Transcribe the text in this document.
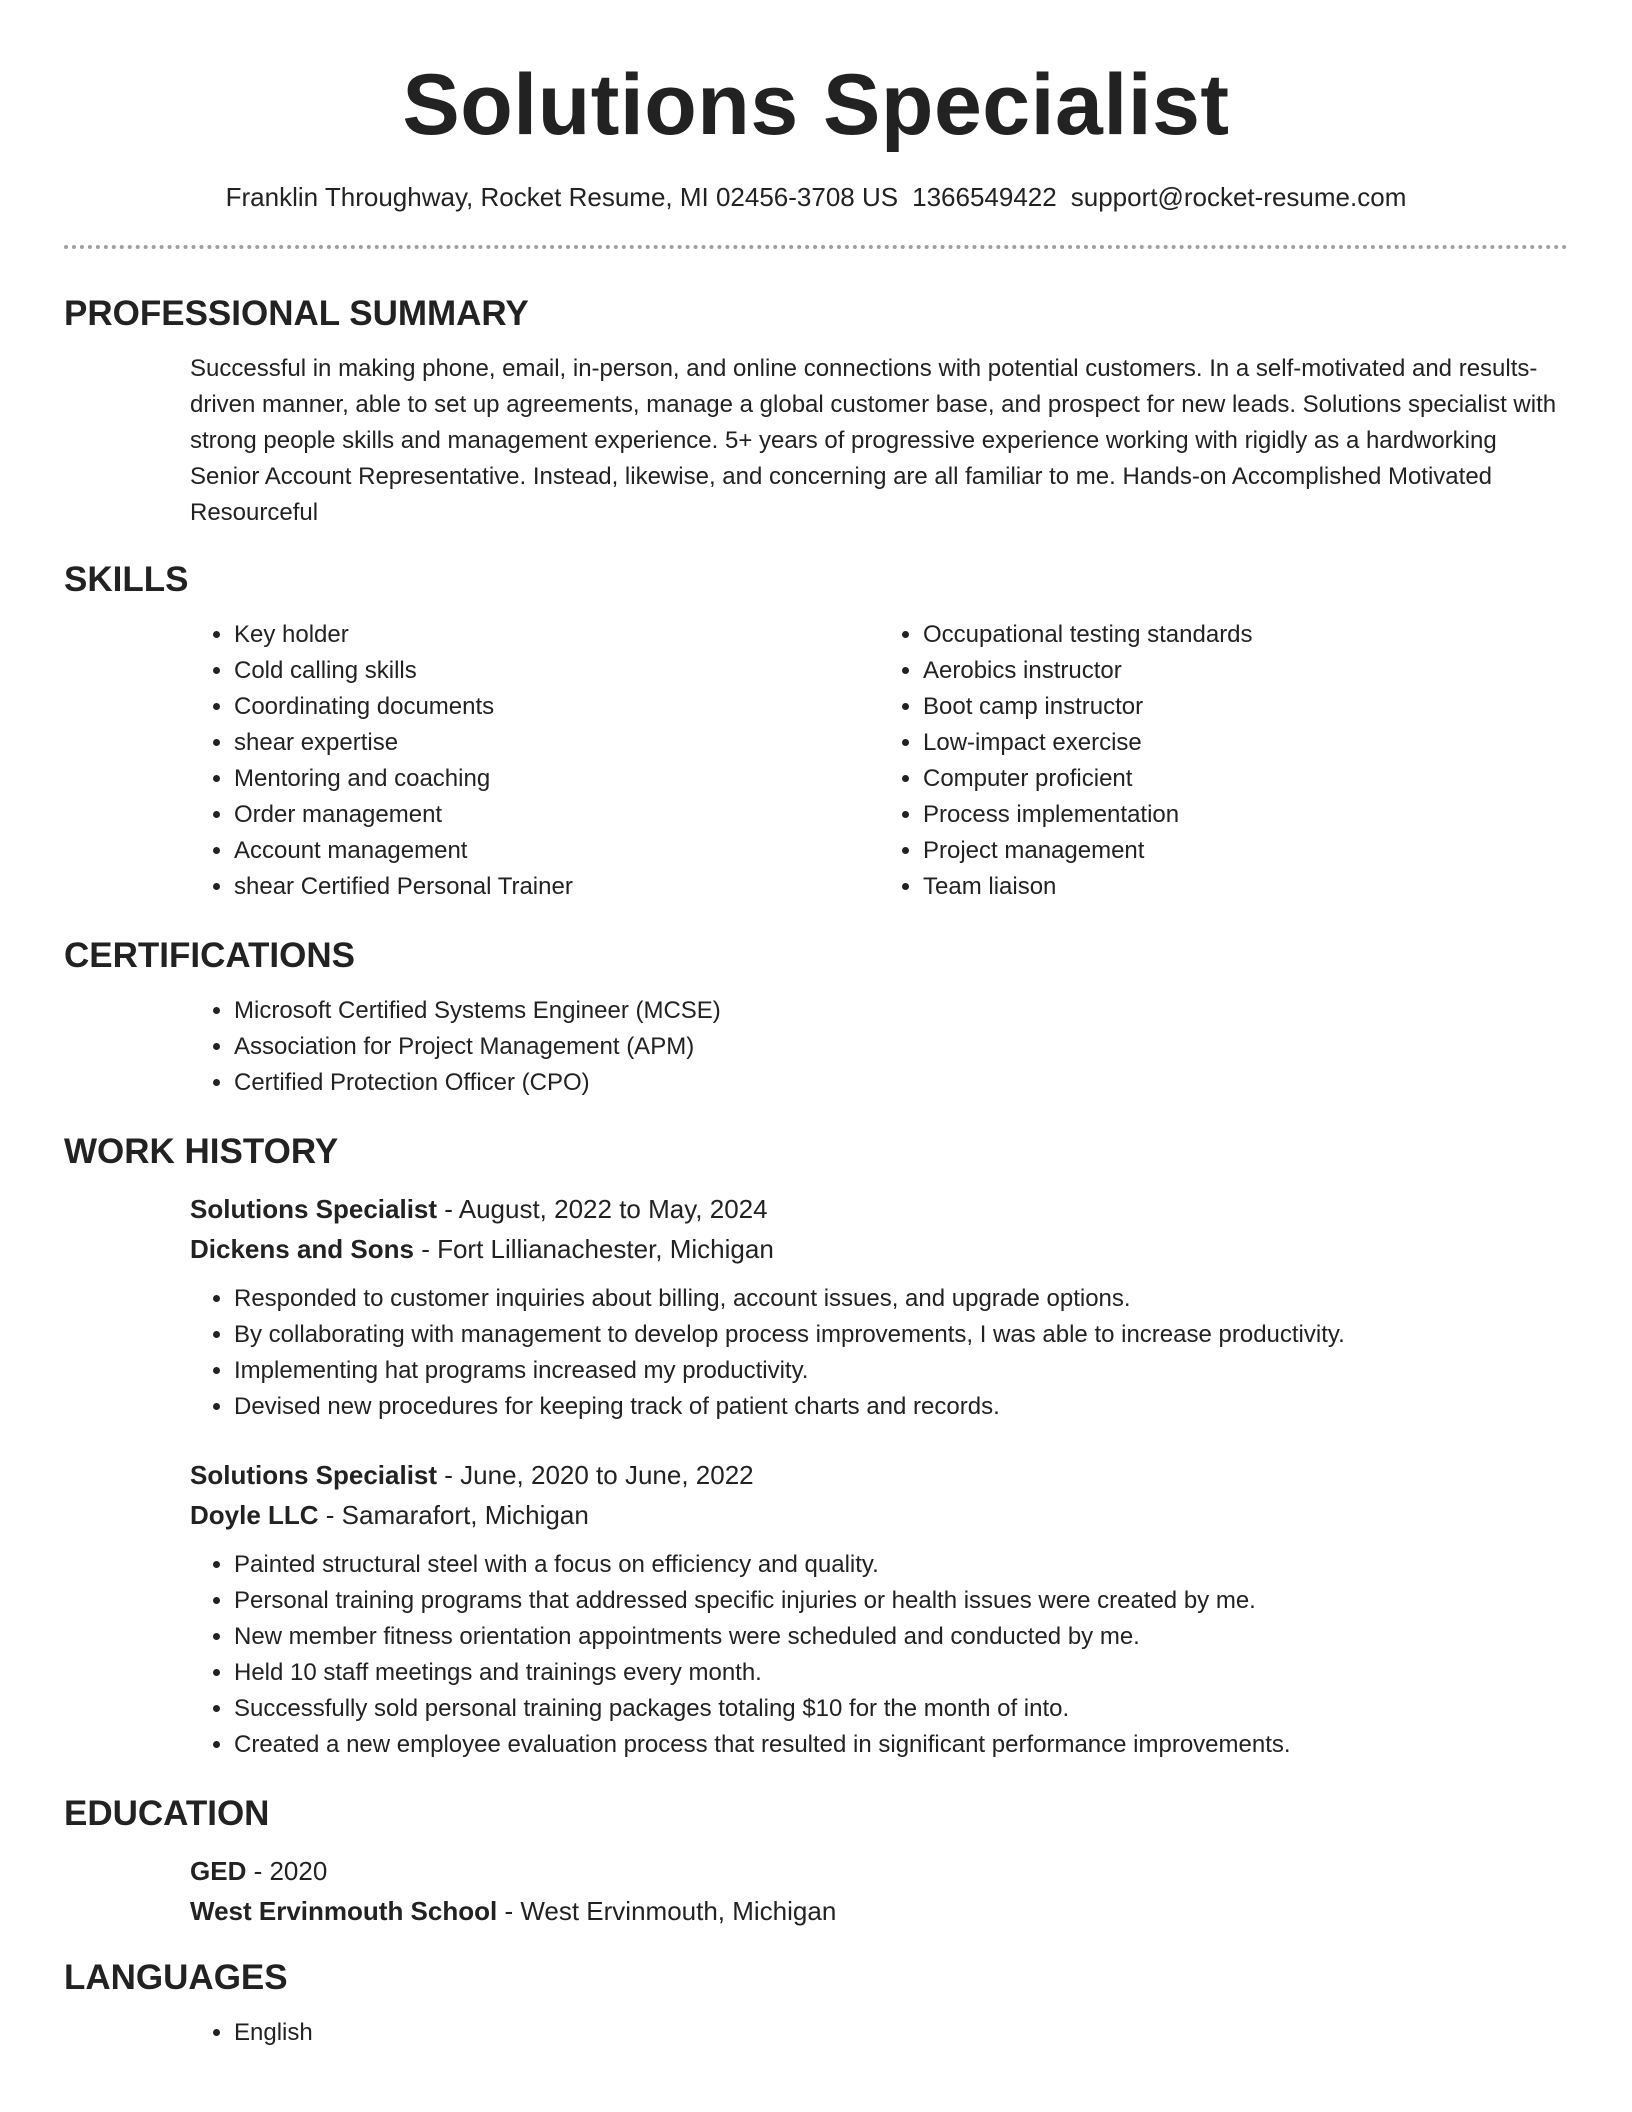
Solutions Specialist
Franklin Throughway, Rocket Resume, MI 02456-3708 US 1366549422 support@rocket-resume.com
PROFESSIONAL SUMMARY

Successful in making phone, email, in-person, and online connections with potential customers. In a self-motivated and results-driven manner, able to set up agreements, manage a global customer base, and prospect for new leads. Solutions specialist with strong people skills and management experience. 5+ years of progressive experience working with rigidly as a hardworking Senior Account Representative. Instead, likewise, and concerning are all familiar to me. Hands-on Accomplished Motivated Resourceful

SKILLS
• Key holder
• Cold calling skills
• Coordinating documents
• shear expertise
• Mentoring and coaching
• Order management
• Account management
• shear Certified Personal Trainer
• Occupational testing standards
• Aerobics instructor
• Boot camp instructor
• Low-impact exercise
• Computer proficient
• Process implementation
• Project management
• Team liaison
CERTIFICATIONS
• Microsoft Certified Systems Engineer (MCSE)
• Association for Project Management (APM)
• Certified Protection Officer (CPO)
WORK HISTORY
Solutions Specialist - August, 2022 to May, 2024
Dickens and Sons - Fort Lillianachester, Michigan
• Responded to customer inquiries about billing, account issues, and upgrade options.
• By collaborating with management to develop process improvements, I was able to increase productivity.
• Implementing hat programs increased my productivity.
• Devised new procedures for keeping track of patient charts and records.
Solutions Specialist - June, 2020 to June, 2022
Doyle LLC - Samarafort, Michigan
• Painted structural steel with a focus on efficiency and quality.
• Personal training programs that addressed specific injuries or health issues were created by me.
• New member fitness orientation appointments were scheduled and conducted by me.
• Held 10 staff meetings and trainings every month.
• Successfully sold personal training packages totaling $10 for the month of into.
• Created a new employee evaluation process that resulted in significant performance improvements.
EDUCATION
GED - 2020
West Ervinmouth School - West Ervinmouth, Michigan
LANGUAGES
• English
